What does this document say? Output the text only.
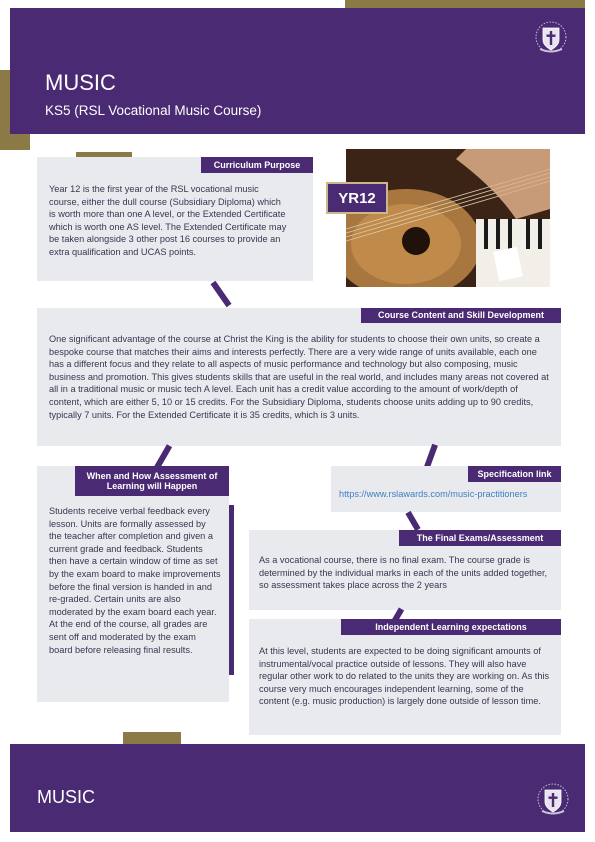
MUSIC
KS5 (RSL Vocational Music Course)
YR12

Year 12 is the first year of the RSL vocational music course, either the dull course (Subsidiary Diploma) which is worth more than one A level, or the Extended Certificate which is worth one AS level. The Extended Certificate may be taken alongside 3 other post 16 courses to provide an extra qualification and UCAS points.

Curriculum Purpose

One significant advantage of the course at Christ the King is the ability for students to choose their own units, so create a bespoke course that matches their aims and interests perfectly. There are a very wide range of units available, each one has a different focus and they relate to all aspects of music performance and technology but also composing, music business and promotion. This gives students skills that are useful in the real world, and includes many areas not covered at all in a traditional music or music tech A level. Each unit has a credit value according to the amount of work/depth of content, which are either 5, 10 or 15 credits. For the Subsidiary Diploma, students choose units adding up to 90 credits, typically 7 units. For the Extended Certificate it is 35 credits, which is 3 units.

Course Content and Skill Development

Students receive verbal feedback every lesson. Units are formally assessed by the teacher after completion and given a current grade and feedback. Students then have a certain window of time as set by the exam board to make improvements before the final version is handed in and re-graded. Certain units are also moderated by the exam board each year. At the end of the course, all grades are sent off and moderated by the exam board before releasing final results.

When and How Assessment of Learning will Happen

https://www.rslawards.com/music-practitioners

Specification link

As a vocational course, there is no final exam. The course grade is determined by the individual marks in each of the units added together, so assessment takes place across the 2 years

The Final Exams/Assessment

At this level, students are expected to be doing significant amounts of instrumental/vocal practice outside of lessons. They will also have regular other work to do related to the units they are working on. As this course very much encourages independent learning, some of the content (e.g. music production) is largely done outside of lesson time.

Independent Learning expectations
MUSIC
